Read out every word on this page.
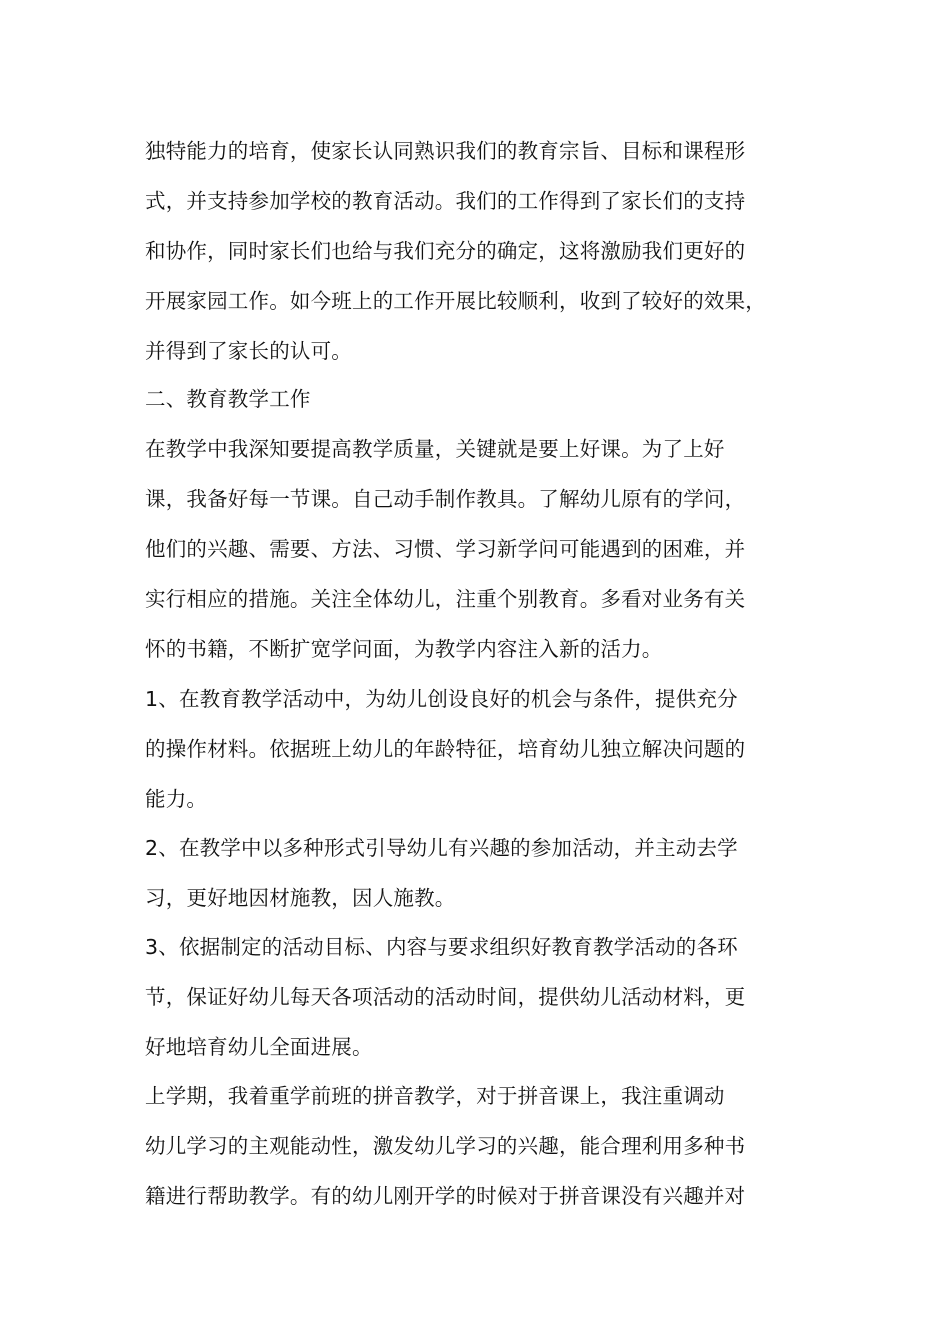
独特能力的培育，使家长认同熟识我们的教育宗旨、目标和课程形
式，并支持参加学校的教育活动。我们的工作得到了家长们的支持
和协作，同时家长们也给与我们充分的确定，这将激励我们更好的
开展家园工作。如今班上的工作开展比较顺利，收到了较好的效果，
并得到了家长的认可。
二、教育教学工作
在教学中我深知要提高教学质量，关键就是要上好课。为了上好
课，我备好每一节课。自己动手制作教具。了解幼儿原有的学问，
他们的兴趣、需要、方法、习惯、学习新学问可能遇到的困难，并
实行相应的措施。关注全体幼儿，注重个别教育。多看对业务有关
怀的书籍，不断扩宽学问面，为教学内容注入新的活力。
1、在教育教学活动中，为幼儿创设良好的机会与条件，提供充分
的操作材料。依据班上幼儿的年龄特征，培育幼儿独立解决问题的
能力。
2、在教学中以多种形式引导幼儿有兴趣的参加活动，并主动去学
习，更好地因材施教，因人施教。
3、依据制定的活动目标、内容与要求组织好教育教学活动的各环
节，保证好幼儿每天各项活动的活动时间，提供幼儿活动材料，更
好地培育幼儿全面进展。
上学期，我着重学前班的拼音教学，对于拼音课上，我注重调动
幼儿学习的主观能动性，激发幼儿学习的兴趣，能合理利用多种书
籍进行帮助教学。有的幼儿刚开学的时候对于拼音课没有兴趣并对
